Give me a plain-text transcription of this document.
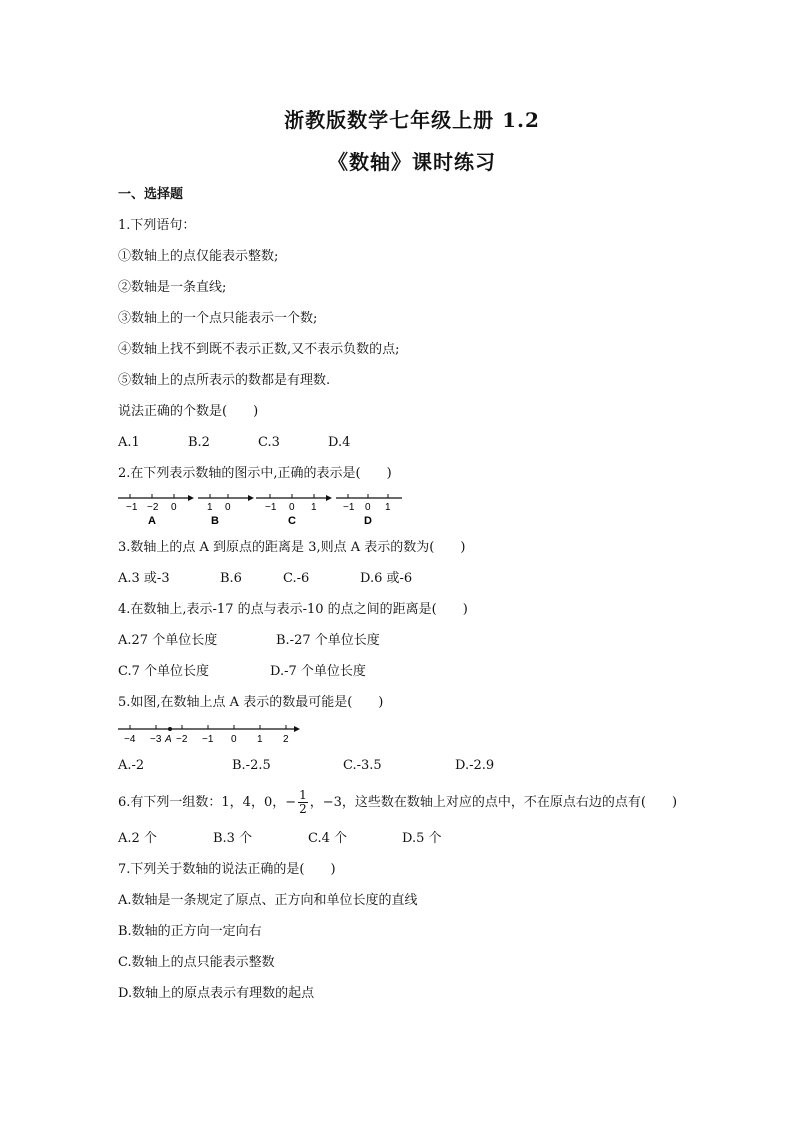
浙教版数学七年级上册 1.2
《数轴》课时练习
一、选择题
1.下列语句：
①数轴上的点仅能表示整数;
②数轴是一条直线;
③数轴上的一个点只能表示一个数;
④数轴上找不到既不表示正数,又不表示负数的点;
⑤数轴上的点所表示的数都是有理数.
说法正确的个数是(　　)
A.1	B.2	C.3	D.4
2.在下列表示数轴的图示中,正确的表示是(　　)
−1 −2 0
A
1 0
B
−1 0 1
C
−1 0 1
D
3.数轴上的点 A 到原点的距离是 3,则点 A 表示的数为(　　)
A.3 或-3	B.6	C.-6	D.6 或-6
4.在数轴上,表示-17 的点与表示-10 的点之间的距离是(　　)
A.27 个单位长度	B.-27 个单位长度
C.7 个单位长度	D.-7 个单位长度
5.如图,在数轴上点 A 表示的数最可能是(　　)
−4 −3 A −2 −1 0 1 2
A.-2	B.-2.5	C.-3.5	D.-2.9
6.有下列一组数：1，4，0，− $\frac{1}{2}$ ，−3，这些数在数轴上对应的点中，不在原点右边的点有(　　)
A.2 个	B.3 个	C.4 个	D.5 个
7.下列关于数轴的说法正确的是(　　)
A.数轴是一条规定了原点、正方向和单位长度的直线
B.数轴的正方向一定向右
C.数轴上的点只能表示整数
D.数轴上的原点表示有理数的起点
